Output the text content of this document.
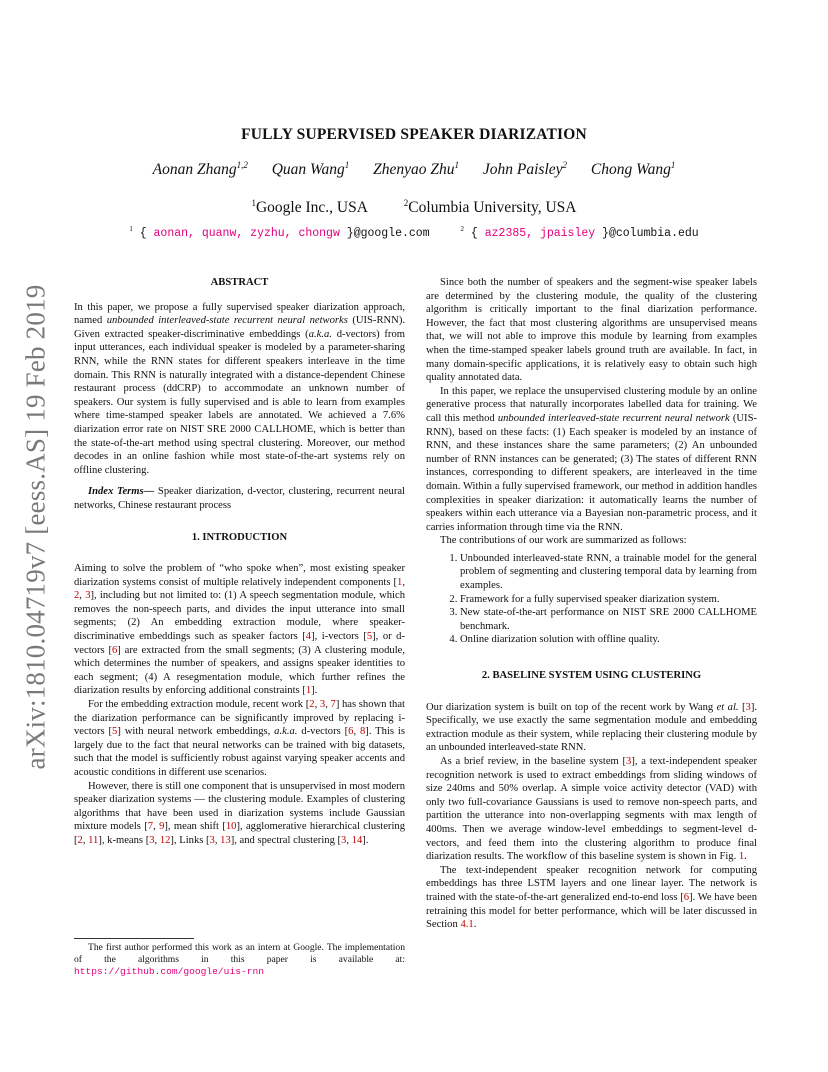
arXiv:1810.04719v7 [eess.AS] 19 Feb 2019
FULLY SUPERVISED SPEAKER DIARIZATION
Aonan Zhang$^{1,2}$ Quan Wang$^1$ Zhenyao Zhu$^1$ John Paisley$^2$ Chong Wang$^1$
$^1$Google Inc., USA	$^2$Columbia University, USA
$^1$ { aonan, quanw, zyzhu, chongw }@google.com	$^2$ { az2385, jpaisley }@columbia.edu

ABSTRACT

In this paper, we propose a fully supervised speaker diarization approach, named unbounded interleaved-state recurrent neural networks (UIS-RNN). Given extracted speaker-discriminative embeddings (a.k.a. d-vectors) from input utterances, each individual speaker is modeled by a parameter-sharing RNN, while the RNN states for different speakers interleave in the time domain. This RNN is naturally integrated with a distance-dependent Chinese restaurant process (ddCRP) to accommodate an unknown number of speakers. Our system is fully supervised and is able to learn from examples where time-stamped speaker labels are annotated. We achieved a 7.6% diarization error rate on NIST SRE 2000 CALLHOME, which is better than the state-of-the-art method using spectral clustering. Moreover, our method decodes in an online fashion while most state-of-the-art systems rely on offline clustering.

Index Terms— Speaker diarization, d-vector, clustering, recurrent neural networks, Chinese restaurant process

1. INTRODUCTION

Aiming to solve the problem of “who spoke when”, most existing speaker diarization systems consist of multiple relatively independent components [1, 2, 3], including but not limited to: (1) A speech segmentation module, which removes the non-speech parts, and divides the input utterance into small segments; (2) An embedding extraction module, where speaker-discriminative embeddings such as speaker factors [4], i-vectors [5], or d-vectors [6] are extracted from the small segments; (3) A clustering module, which determines the number of speakers, and assigns speaker identities to each segment; (4) A resegmentation module, which further refines the diarization results by enforcing additional constraints [1].

For the embedding extraction module, recent work [2, 3, 7] has shown that the diarization performance can be significantly improved by replacing i-vectors [5] with neural network embeddings, a.k.a. d-vectors [6, 8]. This is largely due to the fact that neural networks can be trained with big datasets, such that the model is sufficiently robust against varying speaker accents and acoustic conditions in different use scenarios.

However, there is still one component that is unsupervised in most modern speaker diarization systems — the clustering module. Examples of clustering algorithms that have been used in diarization systems include Gaussian mixture models [7, 9], mean shift [10], agglomerative hierarchical clustering [2, 11], k-means [3, 12], Links [3, 13], and spectral clustering [3, 14].

The first author performed this work as an intern at Google. The implementation of the algorithms in this paper is available at: https://github.com/google/uis-rnn

Since both the number of speakers and the segment-wise speaker labels are determined by the clustering module, the quality of the clustering algorithm is critically important to the final diarization performance. However, the fact that most clustering algorithms are unsupervised means that, we will not able to improve this module by learning from examples when the time-stamped speaker labels ground truth are available. In fact, in many domain-specific applications, it is relatively easy to obtain such high quality annotated data.

In this paper, we replace the unsupervised clustering module by an online generative process that naturally incorporates labelled data for training. We call this method unbounded interleaved-state recurrent neural network (UIS-RNN), based on these facts: (1) Each speaker is modeled by an instance of RNN, and these instances share the same parameters; (2) An unbounded number of RNN instances can be generated; (3) The states of different RNN instances, corresponding to different speakers, are interleaved in the time domain. Within a fully supervised framework, our method in addition handles complexities in speaker diarization: it automatically learns the number of speakers within each utterance via a Bayesian non-parametric process, and it carries information through time via the RNN.

The contributions of our work are summarized as follows:

1. Unbounded interleaved-state RNN, a trainable model for the general problem of segmenting and clustering temporal data by learning from examples.
2. Framework for a fully supervised speaker diarization system.
3. New state-of-the-art performance on NIST SRE 2000 CALLHOME benchmark.
4. Online diarization solution with offline quality.

2. BASELINE SYSTEM USING CLUSTERING

Our diarization system is built on top of the recent work by Wang et al. [3]. Specifically, we use exactly the same segmentation module and embedding extraction module as their system, while replacing their clustering module by an unbounded interleaved-state RNN.

As a brief review, in the baseline system [3], a text-independent speaker recognition network is used to extract embeddings from sliding windows of size 240ms and 50% overlap. A simple voice activity detector (VAD) with only two full-covariance Gaussians is used to remove non-speech parts, and partition the utterance into non-overlapping segments with max length of 400ms. Then we average window-level embeddings to segment-level d-vectors, and feed them into the clustering algorithm to produce final diarization results. The workflow of this baseline system is shown in Fig. 1.

The text-independent speaker recognition network for computing embeddings has three LSTM layers and one linear layer. The network is trained with the state-of-the-art generalized end-to-end loss [6]. We have been retraining this model for better performance, which will be later discussed in Section 4.1.
